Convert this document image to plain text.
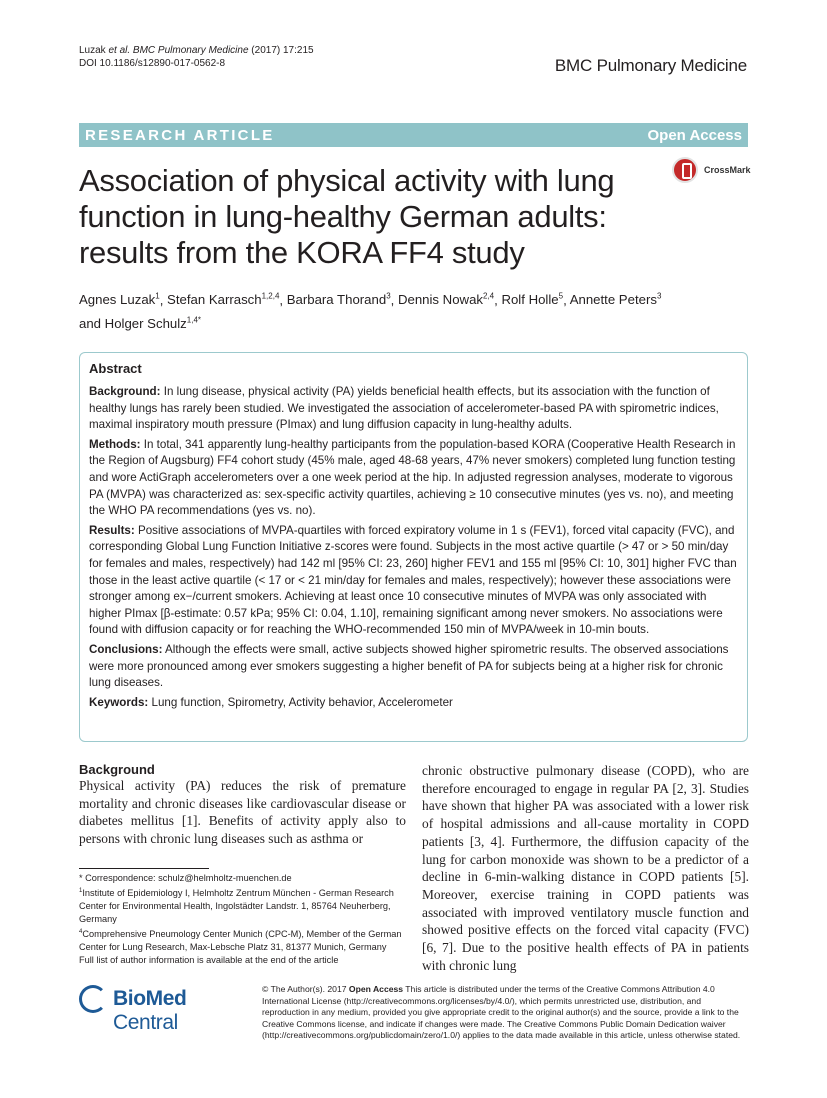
Luzak et al. BMC Pulmonary Medicine (2017) 17:215
DOI 10.1186/s12890-017-0562-8	BMC Pulmonary Medicine
RESEARCH ARTICLE	Open Access
CrossMark
Association of physical activity with lung function in lung-healthy German adults: results from the KORA FF4 study
Agnes Luzak$^1$, Stefan Karrasch$^{1,2,4}$, Barbara Thorand$^3$, Dennis Nowak$^{2,4}$, Rolf Holle$^5$, Annette Peters$^3$
and Holger Schulz$^{1,4*}$
Abstract
Background: In lung disease, physical activity (PA) yields beneficial health effects, but its association with the function of healthy lungs has rarely been studied. We investigated the association of accelerometer-based PA with spirometric indices, maximal inspiratory mouth pressure (PImax) and lung diffusion capacity in lung-healthy adults.
Methods: In total, 341 apparently lung-healthy participants from the population-based KORA (Cooperative Health Research in the Region of Augsburg) FF4 cohort study (45% male, aged 48-68 years, 47% never smokers) completed lung function testing and wore ActiGraph accelerometers over a one week period at the hip. In adjusted regression analyses, moderate to vigorous PA (MVPA) was characterized as: sex-specific activity quartiles, achieving ≥ 10 consecutive minutes (yes vs. no), and meeting the WHO PA recommendations (yes vs. no).
Results: Positive associations of MVPA-quartiles with forced expiratory volume in 1 s (FEV1), forced vital capacity (FVC), and corresponding Global Lung Function Initiative z-scores were found. Subjects in the most active quartile (> 47 or > 50 min/day for females and males, respectively) had 142 ml [95% CI: 23, 260] higher FEV1 and 155 ml [95% CI: 10, 301] higher FVC than those in the least active quartile (< 17 or < 21 min/day for females and males, respectively); however these associations were stronger among ex−/current smokers. Achieving at least once 10 consecutive minutes of MVPA was only associated with higher PImax [β-estimate: 0.57 kPa; 95% CI: 0.04, 1.10], remaining significant among never smokers. No associations were found with diffusion capacity or for reaching the WHO-recommended 150 min of MVPA/week in 10-min bouts.
Conclusions: Although the effects were small, active subjects showed higher spirometric results. The observed associations were more pronounced among ever smokers suggesting a higher benefit of PA for subjects being at a higher risk for chronic lung diseases.
Keywords: Lung function, Spirometry, Activity behavior, Accelerometer
Background
Physical activity (PA) reduces the risk of premature mortality and chronic diseases like cardiovascular disease or diabetes mellitus [1]. Benefits of activity apply also to persons with chronic lung diseases such as asthma or
chronic obstructive pulmonary disease (COPD), who are therefore encouraged to engage in regular PA [2, 3]. Studies have shown that higher PA was associated with a lower risk of hospital admissions and all-cause mortality in COPD patients [3, 4]. Furthermore, the diffusion capacity of the lung for carbon monoxide was shown to be a predictor of a decline in 6-min-walking distance in COPD patients [5]. Moreover, exercise training in COPD patients was associated with improved ventilatory muscle function and showed positive effects on the forced vital capacity (FVC) [6, 7]. Due to the positive health effects of PA in patients with chronic lung
* Correspondence: schulz@helmholtz-muenchen.de
$^1$Institute of Epidemiology I, Helmholtz Zentrum München - German Research Center for Environmental Health, Ingolstädter Landstr. 1, 85764 Neuherberg, Germany
$^4$Comprehensive Pneumology Center Munich (CPC-M), Member of the German Center for Lung Research, Max-Lebsche Platz 31, 81377 Munich, Germany
Full list of author information is available at the end of the article
BioMed Central
© The Author(s). 2017 Open Access This article is distributed under the terms of the Creative Commons Attribution 4.0 International License (http://creativecommons.org/licenses/by/4.0/), which permits unrestricted use, distribution, and reproduction in any medium, provided you give appropriate credit to the original author(s) and the source, provide a link to the Creative Commons license, and indicate if changes were made. The Creative Commons Public Domain Dedication waiver (http://creativecommons.org/publicdomain/zero/1.0/) applies to the data made available in this article, unless otherwise stated.
